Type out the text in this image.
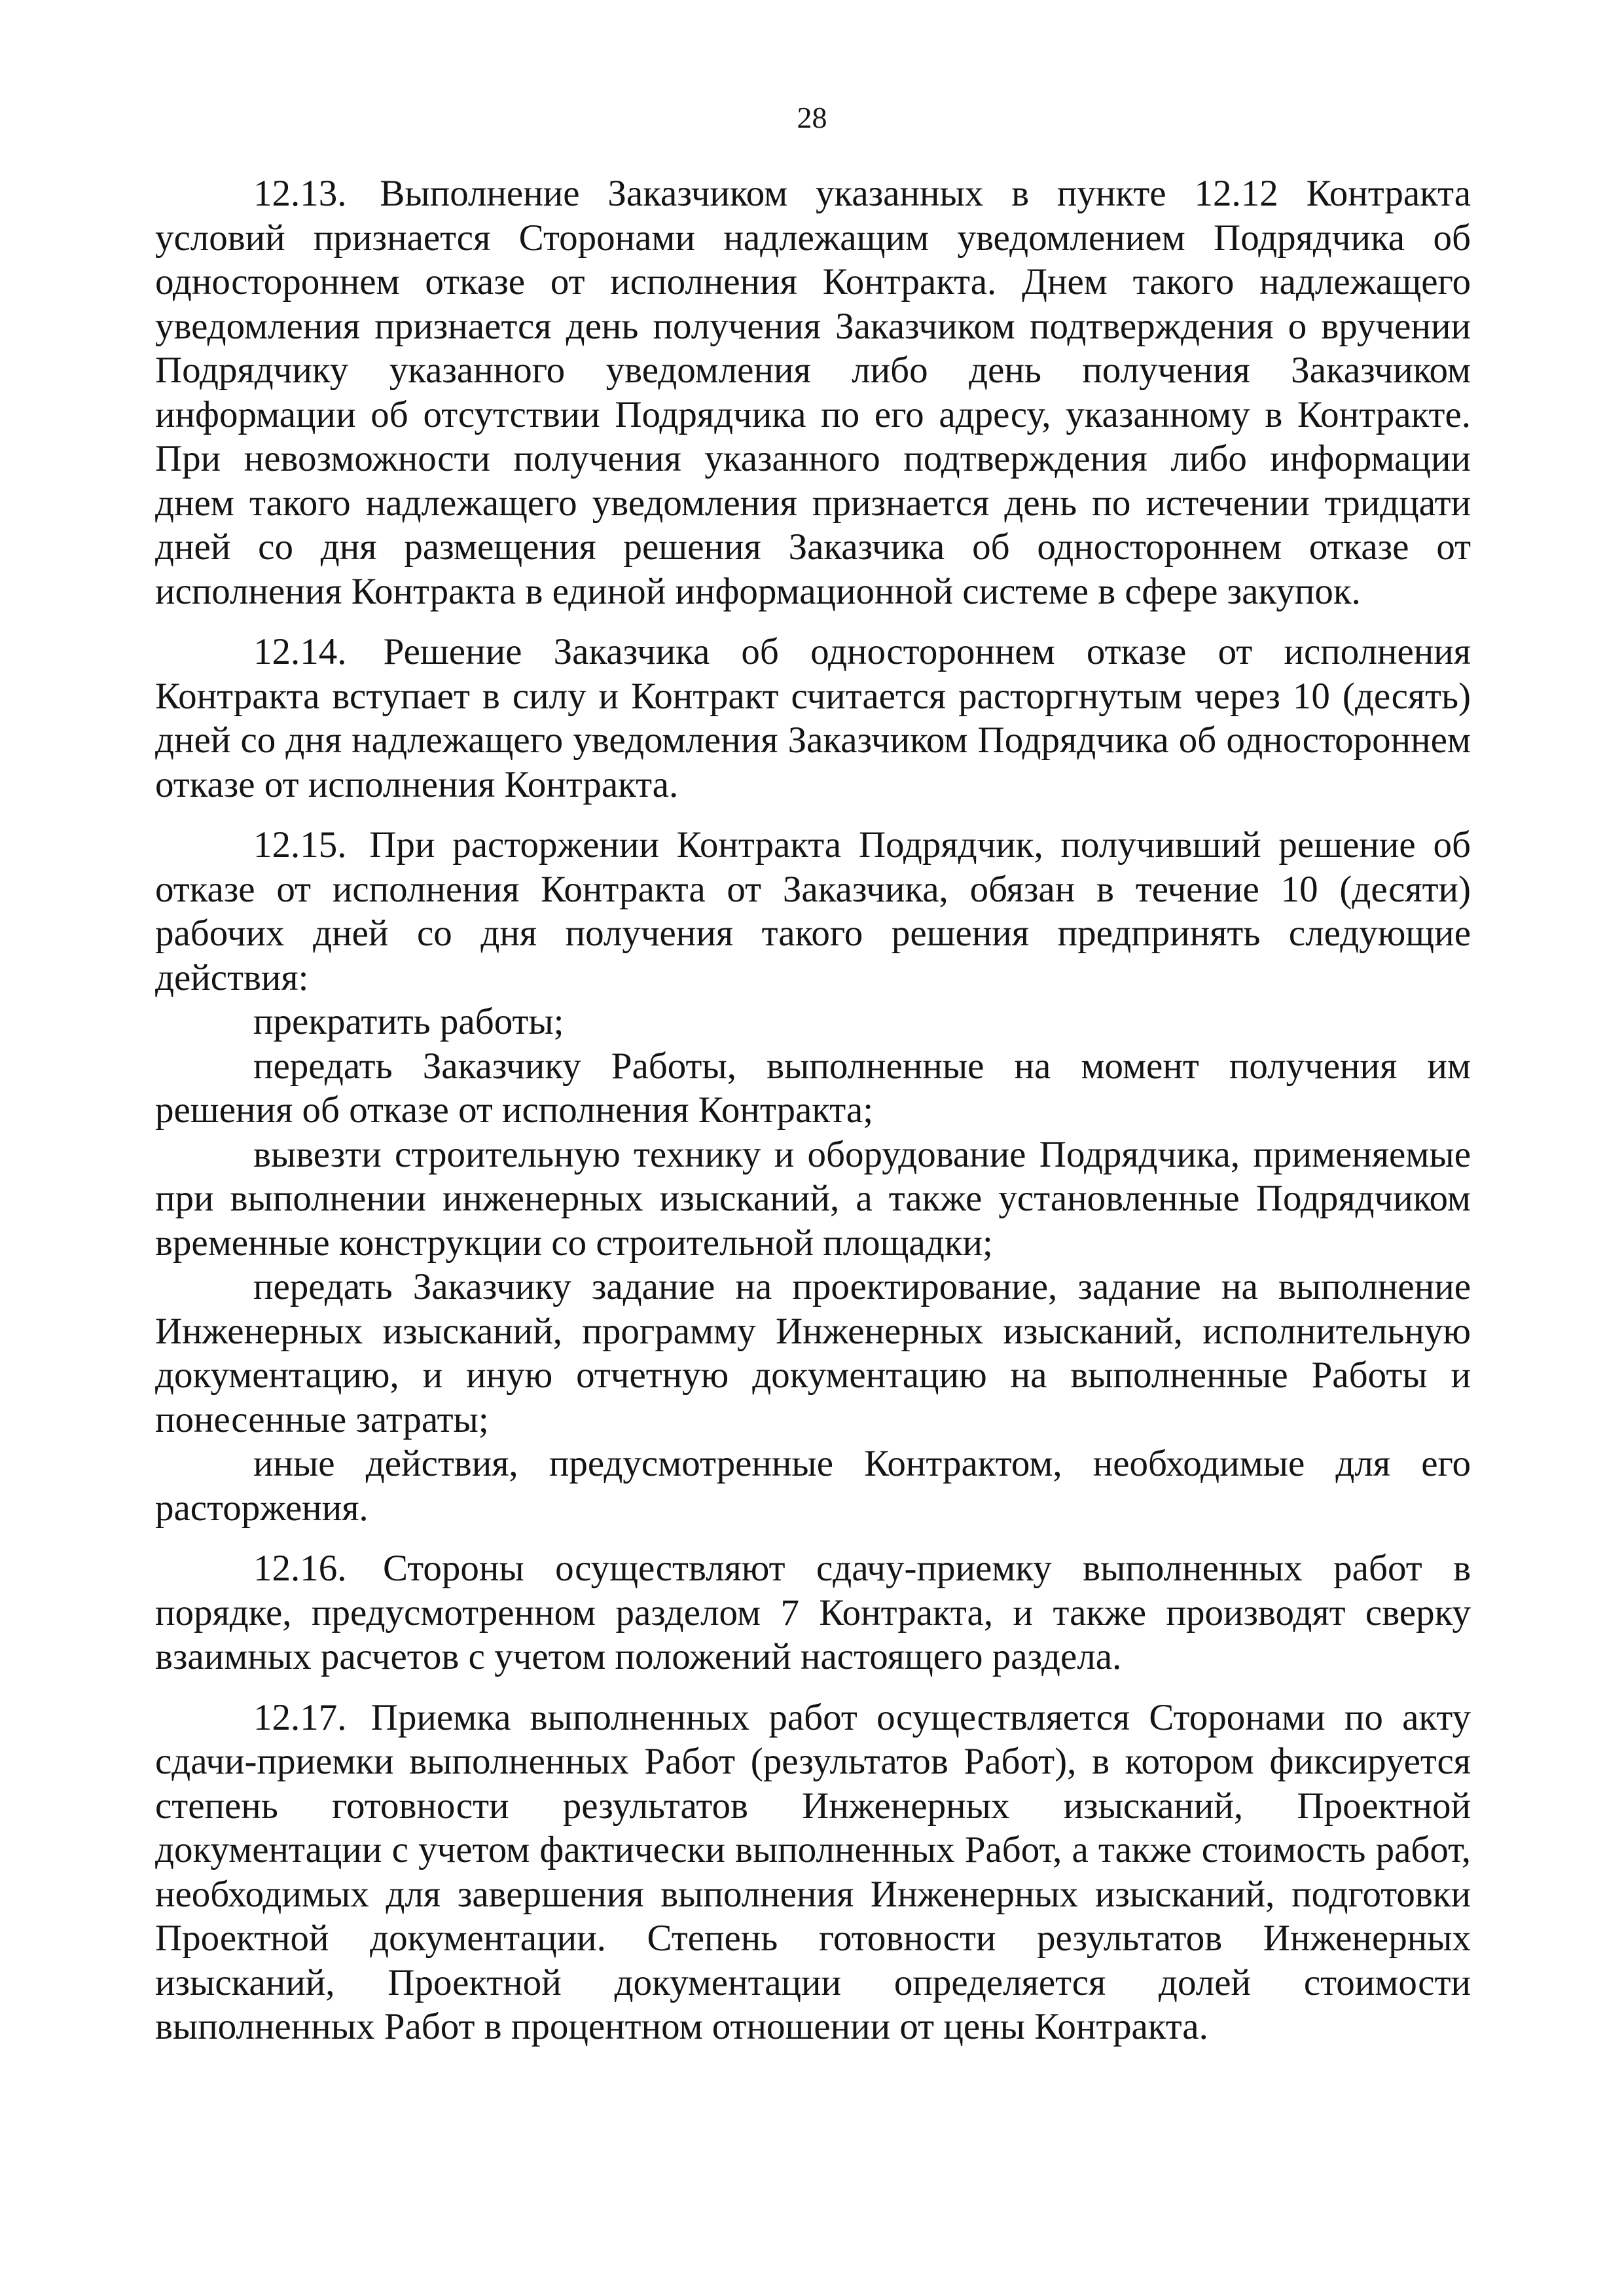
28

12.13. Выполнение Заказчиком указанных в пункте 12.12 Контракта условий признается Сторонами надлежащим уведомлением Подрядчика об одностороннем отказе от исполнения Контракта. Днем такого надлежащего уведомления признается день получения Заказчиком подтверждения о вручении Подрядчику указанного уведомления либо день получения Заказчиком информации об отсутствии Подрядчика по его адресу, указанному в Контракте. При невозможности получения указанного подтверждения либо информации днем такого надлежащего уведомления признается день по истечении тридцати дней со дня размещения решения Заказчика об одностороннем отказе от исполнения Контракта в единой информационной системе в сфере закупок.

12.14. Решение Заказчика об одностороннем отказе от исполнения Контракта вступает в силу и Контракт считается расторгнутым через 10 (десять) дней со дня надлежащего уведомления Заказчиком Подрядчика об одностороннем отказе от исполнения Контракта.

12.15. При расторжении Контракта Подрядчик, получивший решение об отказе от исполнения Контракта от Заказчика, обязан в течение 10 (десяти) рабочих дней со дня получения такого решения предпринять следующие действия:

прекратить работы;

передать Заказчику Работы, выполненные на момент получения им решения об отказе от исполнения Контракта;

вывезти строительную технику и оборудование Подрядчика, применяемые при выполнении инженерных изысканий, а также установленные Подрядчиком временные конструкции со строительной площадки;

передать Заказчику задание на проектирование, задание на выполнение Инженерных изысканий, программу Инженерных изысканий, исполнительную документацию, и иную отчетную документацию на выполненные Работы и понесенные затраты;

иные действия, предусмотренные Контрактом, необходимые для его расторжения.

12.16. Стороны осуществляют сдачу-приемку выполненных работ в порядке, предусмотренном разделом 7 Контракта, и также производят сверку взаимных расчетов с учетом положений настоящего раздела.

12.17. Приемка выполненных работ осуществляется Сторонами по акту сдачи-приемки выполненных Работ (результатов Работ), в котором фиксируется степень готовности результатов Инженерных изысканий, Проектной документации с учетом фактически выполненных Работ, а также стоимость работ, необходимых для завершения выполнения Инженерных изысканий, подготовки Проектной документации. Степень готовности результатов Инженерных изысканий, Проектной документации определяется долей стоимости выполненных Работ в процентном отношении от цены Контракта.
